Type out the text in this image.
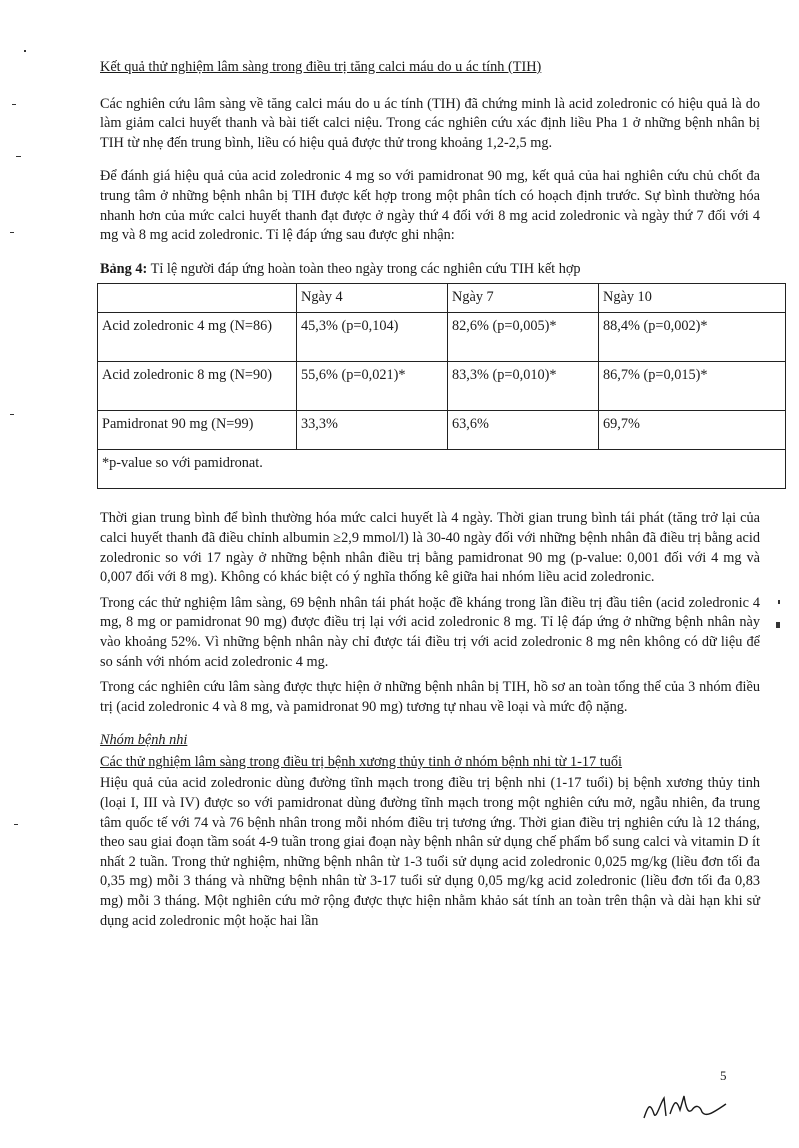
Kết quả thử nghiệm lâm sàng trong điều trị tăng calci máu do u ác tính (TIH)
Các nghiên cứu lâm sàng về tăng calci máu do u ác tính (TIH) đã chứng minh là acid zoledronic có hiệu quả là do làm giảm calci huyết thanh và bài tiết calci niệu. Trong các nghiên cứu xác định liều Pha 1 ở những bệnh nhân bị TIH từ nhẹ đến trung bình, liều có hiệu quả được thử trong khoảng 1,2-2,5 mg.
Để đánh giá hiệu quả của acid zoledronic 4 mg so với pamidronat 90 mg, kết quả của hai nghiên cứu chủ chốt đa trung tâm ở những bệnh nhân bị TIH được kết hợp trong một phân tích có hoạch định trước. Sự bình thường hóa nhanh hơn của mức calci huyết thanh đạt được ở ngày thứ 4 đối với 8 mg acid zoledronic và ngày thứ 7 đối với 4 mg và 8 mg acid zoledronic. Tỉ lệ đáp ứng sau được ghi nhận:
Bảng 4: Tỉ lệ người đáp ứng hoàn toàn theo ngày trong các nghiên cứu TIH kết hợp
	Ngày 4	Ngày 7	Ngày 10
Acid zoledronic 4 mg (N=86)	45,3% (p=0,104)	82,6% (p=0,005)*	88,4% (p=0,002)*
Acid zoledronic 8 mg (N=90)	55,6% (p=0,021)*	83,3% (p=0,010)*	86,7% (p=0,015)*
Pamidronat 90 mg (N=99)	33,3%	63,6%	69,7%
*p-value so với pamidronat.			
Thời gian trung bình để bình thường hóa mức calci huyết là 4 ngày. Thời gian trung bình tái phát (tăng trở lại của calci huyết thanh đã điều chỉnh albumin ≥2,9 mmol/l) là 30-40 ngày đối với những bệnh nhân đã điều trị bằng acid zoledronic so với 17 ngày ở những bệnh nhân điều trị bằng pamidronat 90 mg (p-value: 0,001 đối với 4 mg và 0,007 đối với 8 mg). Không có khác biệt có ý nghĩa thống kê giữa hai nhóm liều acid zoledronic.
Trong các thử nghiệm lâm sàng, 69 bệnh nhân tái phát hoặc đề kháng trong lần điều trị đầu tiên (acid zoledronic 4 mg, 8 mg or pamidronat 90 mg) được điều trị lại với acid zoledronic 8 mg. Tỉ lệ đáp ứng ở những bệnh nhân này vào khoảng 52%. Vì những bệnh nhân này chỉ được tái điều trị với acid zoledronic 8 mg nên không có dữ liệu để so sánh với nhóm acid zoledronic 4 mg.
Trong các nghiên cứu lâm sàng được thực hiện ở những bệnh nhân bị TIH, hồ sơ an toàn tổng thể của 3 nhóm điều trị (acid zoledronic 4 và 8 mg, và pamidronat 90 mg) tương tự nhau về loại và mức độ nặng.
Nhóm bệnh nhi
Các thử nghiệm lâm sàng trong điều trị bệnh xương thủy tinh ở nhóm bệnh nhi từ 1-17 tuổi
Hiệu quả của acid zoledronic dùng đường tĩnh mạch trong điều trị bệnh nhi (1-17 tuổi) bị bệnh xương thủy tinh (loại I, III và IV) được so với pamidronat dùng đường tĩnh mạch trong một nghiên cứu mở, ngẫu nhiên, đa trung tâm quốc tế với 74 và 76 bệnh nhân trong mỗi nhóm điều trị tương ứng. Thời gian điều trị nghiên cứu là 12 tháng, theo sau giai đoạn tầm soát 4-9 tuần trong giai đoạn này bệnh nhân sử dụng chế phẩm bổ sung calci và vitamin D ít nhất 2 tuần. Trong thử nghiệm, những bệnh nhân từ 1-3 tuổi sử dụng acid zoledronic 0,025 mg/kg (liều đơn tối đa 0,35 mg) mỗi 3 tháng và những bệnh nhân từ 3-17 tuổi sử dụng 0,05 mg/kg acid zoledronic (liều đơn tối đa 0,83 mg) mỗi 3 tháng. Một nghiên cứu mở rộng được thực hiện nhằm khảo sát tính an toàn trên thận và dài hạn khi sử dụng acid zoledronic một hoặc hai lần
5
